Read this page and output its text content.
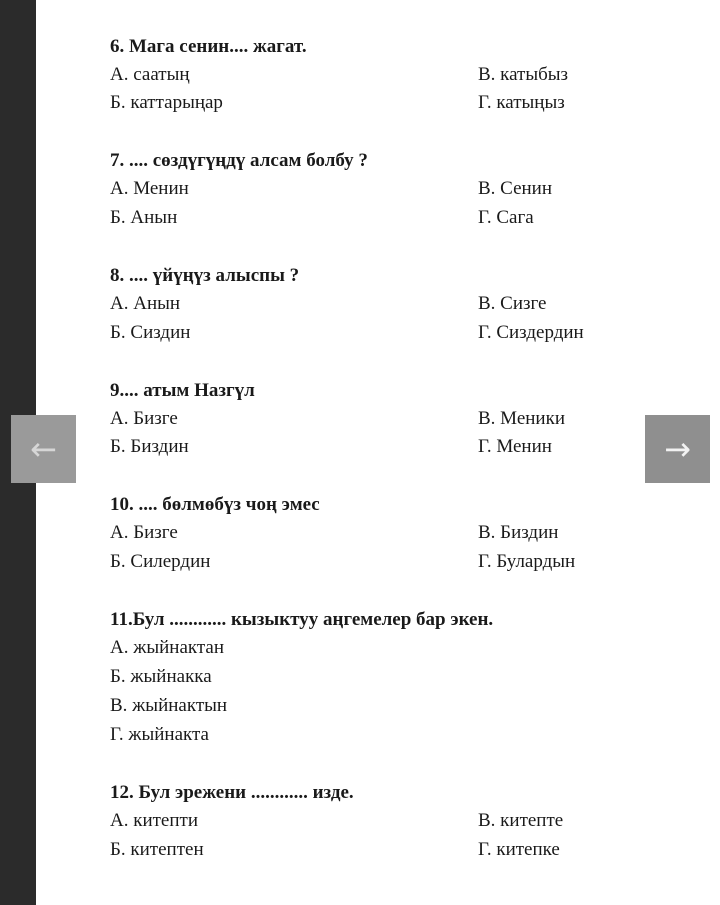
6. Мага сенин.... жагат.
А. саатың	В. катыбыз
Б. каттарыңар	Г. катыңыз
7. .... сөздүгүңдү алсам болбу ?
А. Менин	В. Сенин
Б. Анын	Г. Сага
8. .... үйүңүз алыспы ?
А. Анын	В. Сизге
Б. Сиздин	Г. Сиздердин
9.... атым Назгүл
А. Бизге	В. Меники
Б. Биздин	Г. Менин
10. .... бөлмөбүз чоң эмес
А. Бизге	В. Биздин
Б. Силердин	Г. Булардын
11.Бул ............ кызыктуу аңгемелер бар экен.
А. жыйнактан
Б. жыйнакка
В. жыйнактын
Г. жыйнакта
12. Бул эрежени ............ изде.
А. китепти	В. китепте
Б. китептен	Г. китепке
←	→
